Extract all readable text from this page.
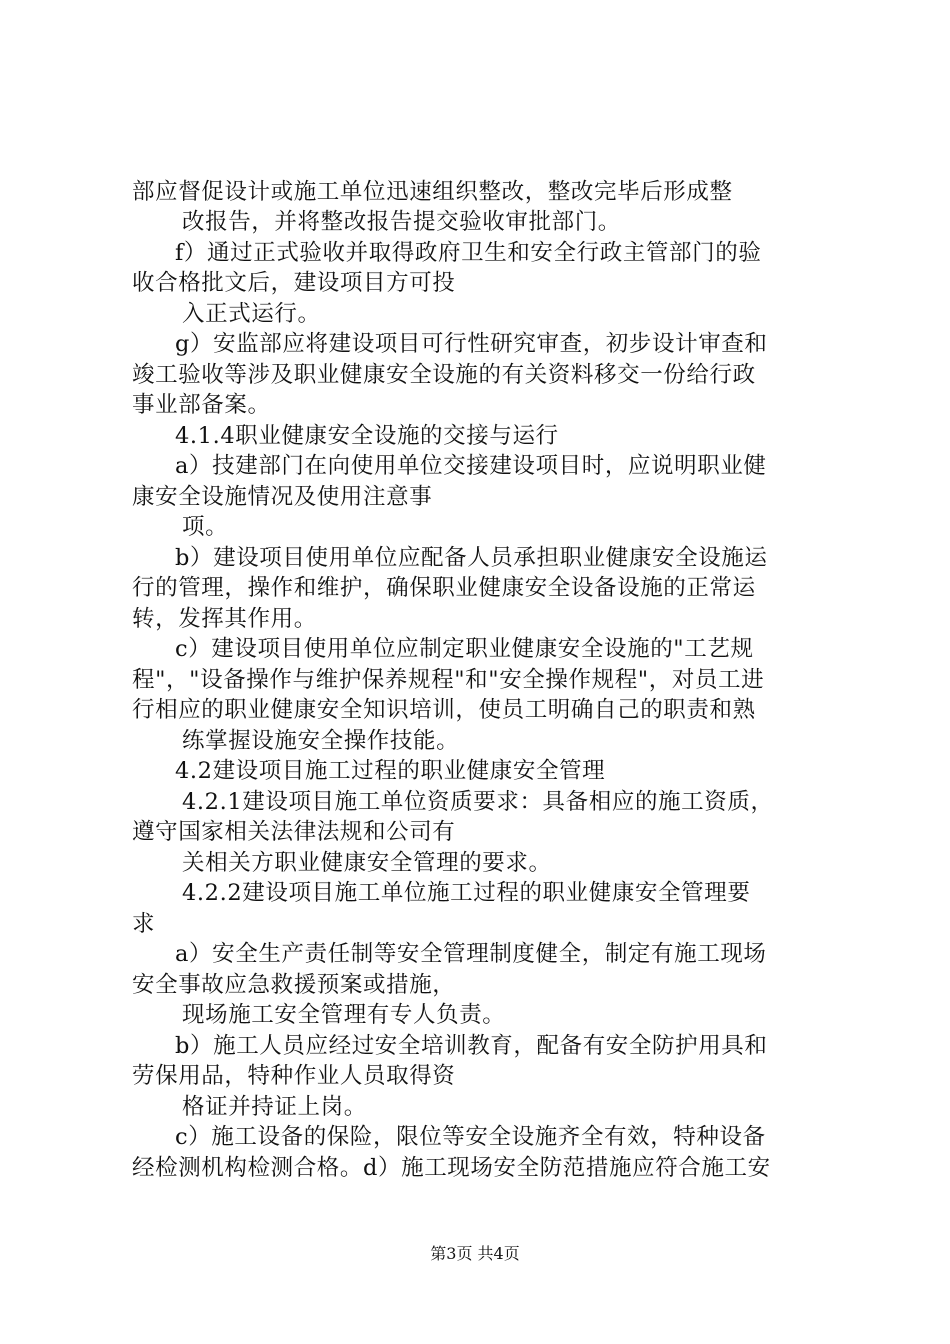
部应督促设计或施工单位迅速组织整改，整改完毕后形成整
改报告，并将整改报告提交验收审批部门。
f）通过正式验收并取得政府卫生和安全行政主管部门的验
收合格批文后，建设项目方可投
入正式运行。
g）安监部应将建设项目可行性研究审查，初步设计审查和
竣工验收等涉及职业健康安全设施的有关资料移交一份给行政
事业部备案。
4.1.4职业健康安全设施的交接与运行
a）技建部门在向使用单位交接建设项目时，应说明职业健
康安全设施情况及使用注意事
项。
b）建设项目使用单位应配备人员承担职业健康安全设施运
行的管理，操作和维护，确保职业健康安全设备设施的正常运
转，发挥其作用。
c）建设项目使用单位应制定职业健康安全设施的"工艺规
程"，"设备操作与维护保养规程"和"安全操作规程"，对员工进
行相应的职业健康安全知识培训，使员工明确自己的职责和熟
练掌握设施安全操作技能。
4.2建设项目施工过程的职业健康安全管理
4.2.1建设项目施工单位资质要求：具备相应的施工资质，
遵守国家相关法律法规和公司有
关相关方职业健康安全管理的要求。
4.2.2建设项目施工单位施工过程的职业健康安全管理要
求
a）安全生产责任制等安全管理制度健全，制定有施工现场
安全事故应急救援预案或措施，
现场施工安全管理有专人负责。
b）施工人员应经过安全培训教育，配备有安全防护用具和
劳保用品，特种作业人员取得资
格证并持证上岗。
c）施工设备的保险，限位等安全设施齐全有效，特种设备
经检测机构检测合格。d）施工现场安全防范措施应符合施工安
第3页 共4页
